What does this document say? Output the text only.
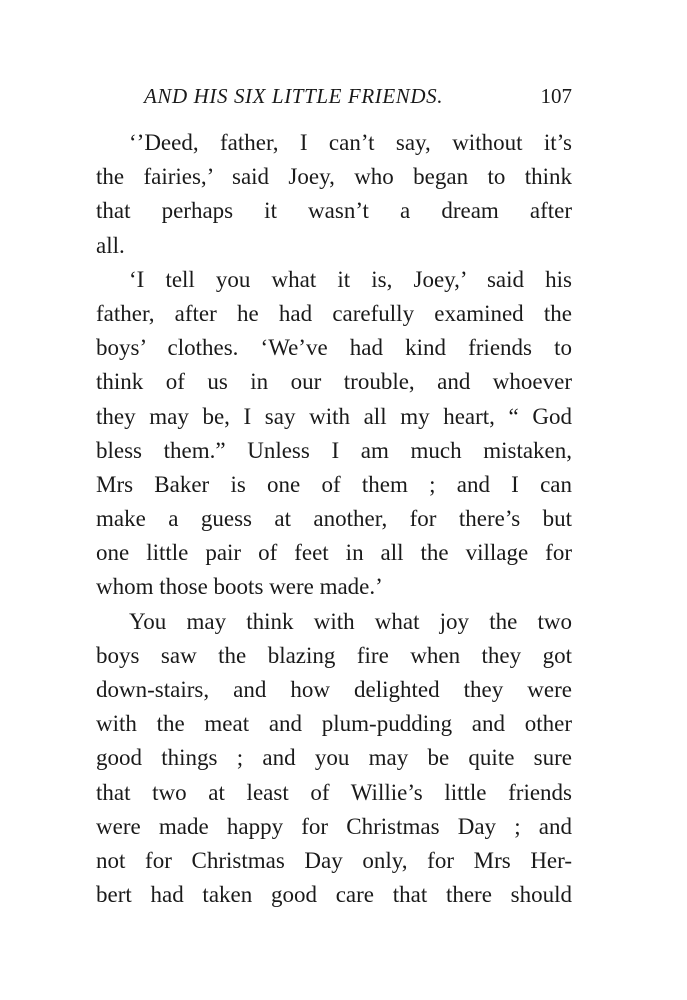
AND HIS SIX LITTLE FRIENDS.	107
‘’Deed, father, I can’t say, without it’s
the fairies,’ said Joey, who began to think
that perhaps it wasn’t a dream after
all.
‘I tell you what it is, Joey,’ said his
father, after he had carefully examined the
boys’ clothes. ‘We’ve had kind friends to
think of us in our trouble, and whoever
they may be, I say with all my heart, “ God
bless them.” Unless I am much mistaken,
Mrs Baker is one of them ; and I can
make a guess at another, for there’s but
one little pair of feet in all the village for
whom those boots were made.’
You may think with what joy the two
boys saw the blazing fire when they got
down-stairs, and how delighted they were
with the meat and plum-pudding and other
good things ; and you may be quite sure
that two at least of Willie’s little friends
were made happy for Christmas Day ; and
not for Christmas Day only, for Mrs Her-
bert had taken good care that there should
